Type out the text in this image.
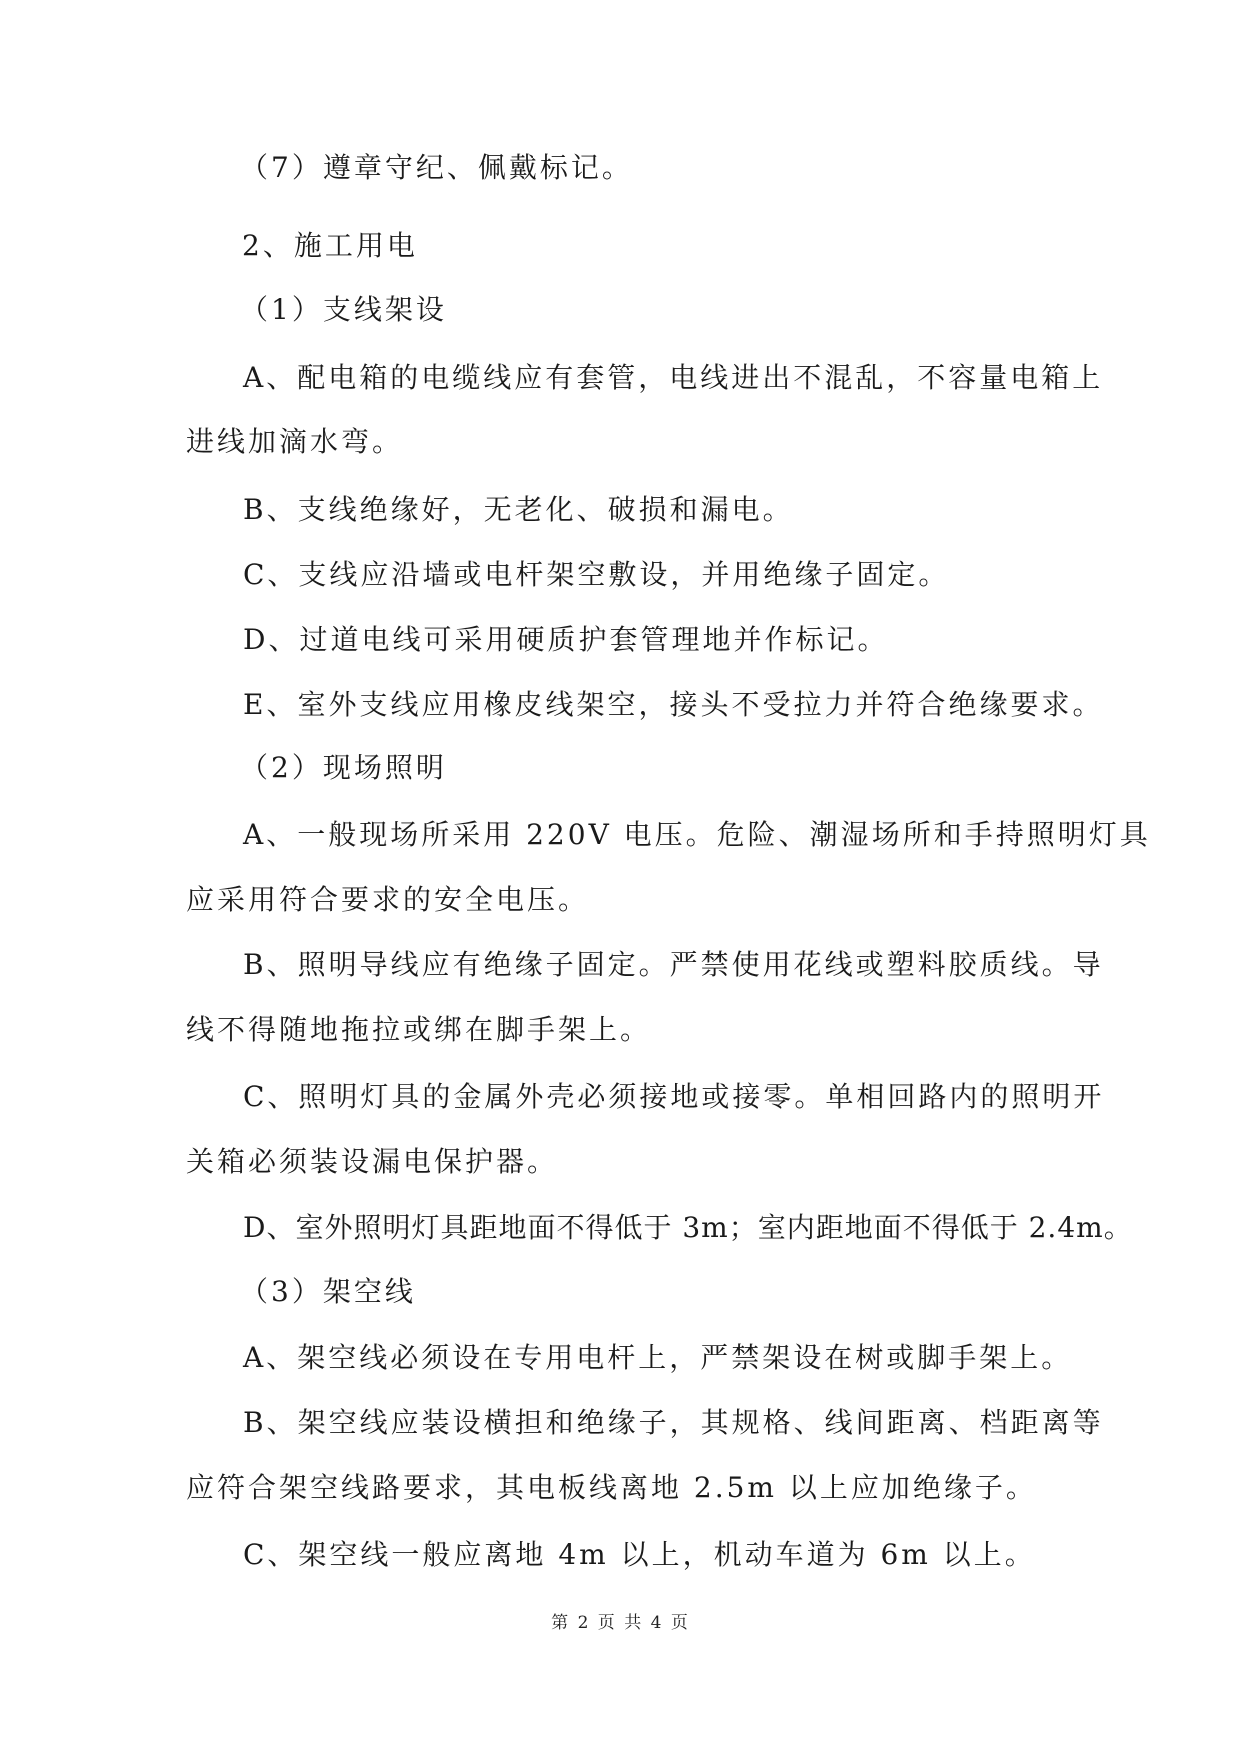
（7）遵章守纪、佩戴标记。
2、施工用电
（1）支线架设
A、配电箱的电缆线应有套管，电线进出不混乱，不容量电箱上
进线加滴水弯。
B、支线绝缘好，无老化、破损和漏电。
C、支线应沿墙或电杆架空敷设，并用绝缘子固定。
D、过道电线可采用硬质护套管理地并作标记。
E、室外支线应用橡皮线架空，接头不受拉力并符合绝缘要求。
（2）现场照明
A、一般现场所采用 220V 电压。危险、潮湿场所和手持照明灯具
应采用符合要求的安全电压。
B、照明导线应有绝缘子固定。严禁使用花线或塑料胶质线。导
线不得随地拖拉或绑在脚手架上。
C、照明灯具的金属外壳必须接地或接零。单相回路内的照明开
关箱必须装设漏电保护器。
D、室外照明灯具距地面不得低于 3m；室内距地面不得低于 2.4m。
（3）架空线
A、架空线必须设在专用电杆上，严禁架设在树或脚手架上。
B、架空线应装设横担和绝缘子，其规格、线间距离、档距离等
应符合架空线路要求，其电板线离地 2.5m 以上应加绝缘子。
C、架空线一般应离地 4m 以上，机动车道为 6m 以上。
第 2 页 共 4 页
